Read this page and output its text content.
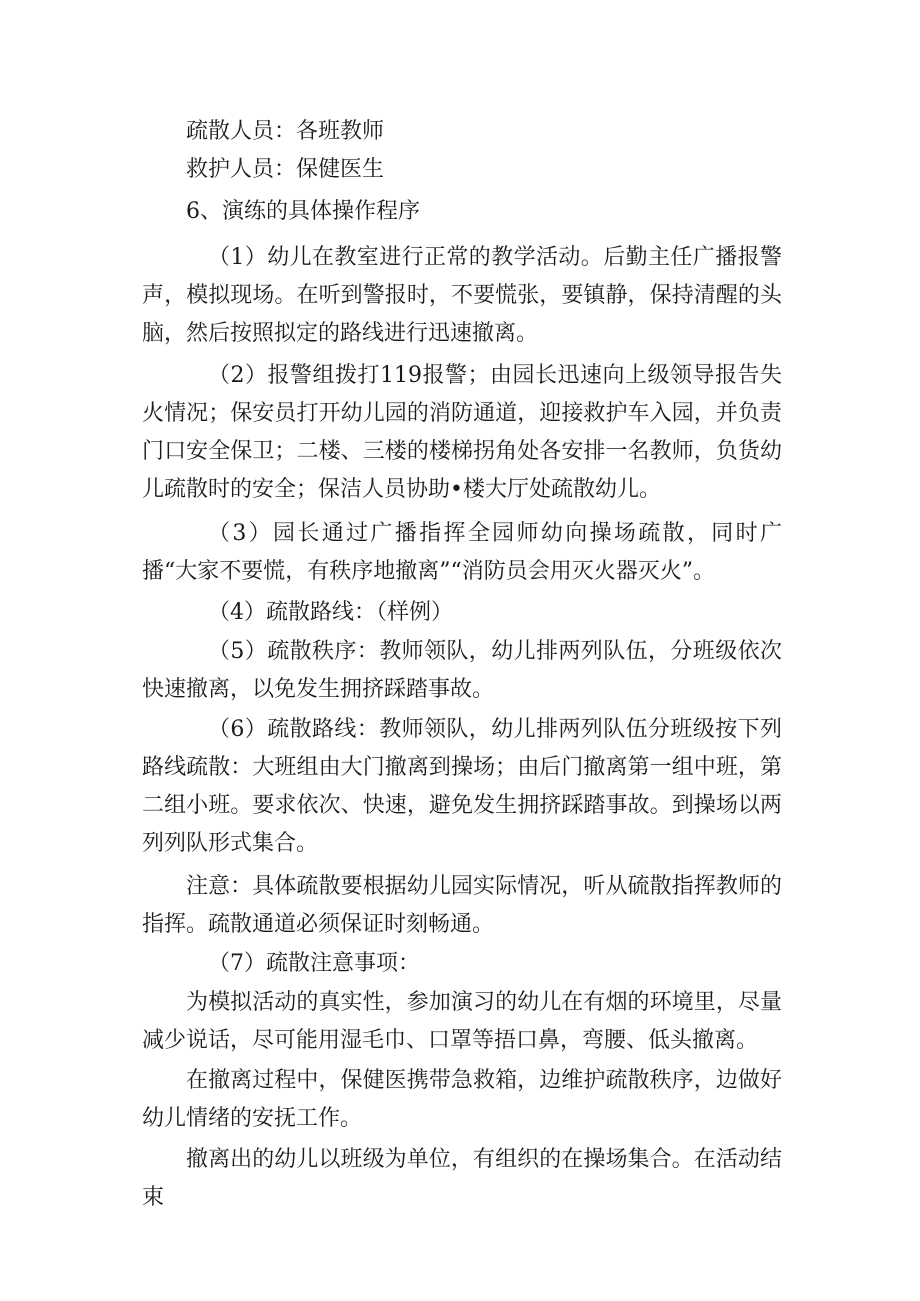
疏散人员：各班教师

救护人员：保健医生

6、演练的具体操作程序

（1）幼儿在教室进行正常的教学活动。后勤主任广播报警声，模拟现场。在听到警报时，不要慌张，要镇静，保持清醒的头脑，然后按照拟定的路线进行迅速撤离。

（2）报警组拨打119报警；由园长迅速向上级领导报告失火情况；保安员打开幼儿园的消防通道，迎接救护车入园，并负责门口安全保卫；二楼、三楼的楼梯拐角处各安排一名教师，负货幼儿疏散时的安全；保洁人员协助•楼大厅处疏散幼儿。

（3）园长通过广播指挥全园师幼向操场疏散，同时广播“大家不要慌，有秩序地撤离”“消防员会用灭火器灭火”。

（4）疏散路线：（样例）

（5）疏散秩序：教师领队，幼儿排两列队伍，分班级依次快速撤离，以免发生拥挤踩踏事故。

（6）疏散路线：教师领队，幼儿排两列队伍分班级按下列路线疏散：大班组由大门撤离到操场；由后门撤离第一组中班，第二组小班。要求依次、快速，避免发生拥挤踩踏事故。到操场以两列列队形式集合。

注意：具体疏散要根据幼儿园实际情况，听从硫散指挥教师的指挥。疏散通道必须保证时刻畅通。

（7）疏散注意事项：

为模拟活动的真实性，参加演习的幼儿在有烟的环境里，尽量减少说话，尽可能用湿毛巾、口罩等捂口鼻，弯腰、低头撤离。

在撤离过程中，保健医携带急救箱，边维护疏散秩序，边做好幼儿情绪的安抚工作。

撤离出的幼儿以班级为单位，有组织的在操场集合。在活动结束
